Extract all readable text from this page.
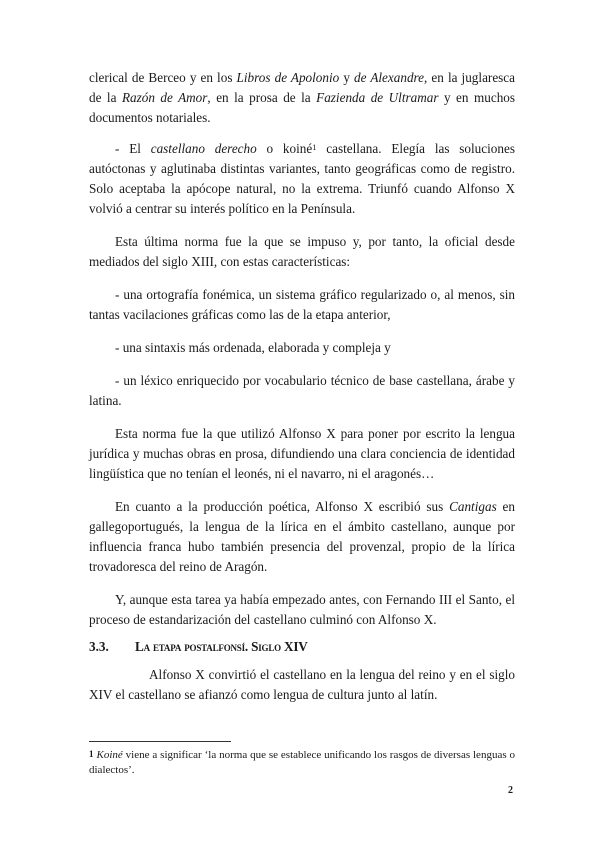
clerical de Berceo y en los Libros de Apolonio y de Alexandre, en la juglaresca de la Razón de Amor, en la prosa de la Fazienda de Ultramar y en muchos documentos notariales.

- El castellano derecho o koiné$^1$ castellana. Elegía las soluciones autóctonas y aglutinaba distintas variantes, tanto geográficas como de registro. Solo aceptaba la apócope natural, no la extrema. Triunfó cuando Alfonso X volvió a centrar su interés político en la Península.

Esta última norma fue la que se impuso y, por tanto, la oficial desde mediados del siglo XIII, con estas características:

- una ortografía fonémica, un sistema gráfico regularizado o, al menos, sin tantas vacilaciones gráficas como las de la etapa anterior,

- una sintaxis más ordenada, elaborada y compleja y

- un léxico enriquecido por vocabulario técnico de base castellana, árabe y latina.

Esta norma fue la que utilizó Alfonso X para poner por escrito la lengua jurídica y muchas obras en prosa, difundiendo una clara conciencia de identidad lingüística que no tenían el leonés, ni el navarro, ni el aragonés…

En cuanto a la producción poética, Alfonso X escribió sus Cantigas en gallegoportugués, la lengua de la lírica en el ámbito castellano, aunque por influencia franca hubo también presencia del provenzal, propio de la lírica trovadoresca del reino de Aragón.

Y, aunque esta tarea ya había empezado antes, con Fernando III el Santo, el proceso de estandarización del castellano culminó con Alfonso X.

3.3. La etapa postalfonsí. Siglo XIV

Alfonso X convirtió el castellano en la lengua del reino y en el siglo XIV el castellano se afianzó como lengua de cultura junto al latín.

$^1$ Koiné viene a significar ‘la norma que se establece unificando los rasgos de diversas lenguas o dialectos’.
2
